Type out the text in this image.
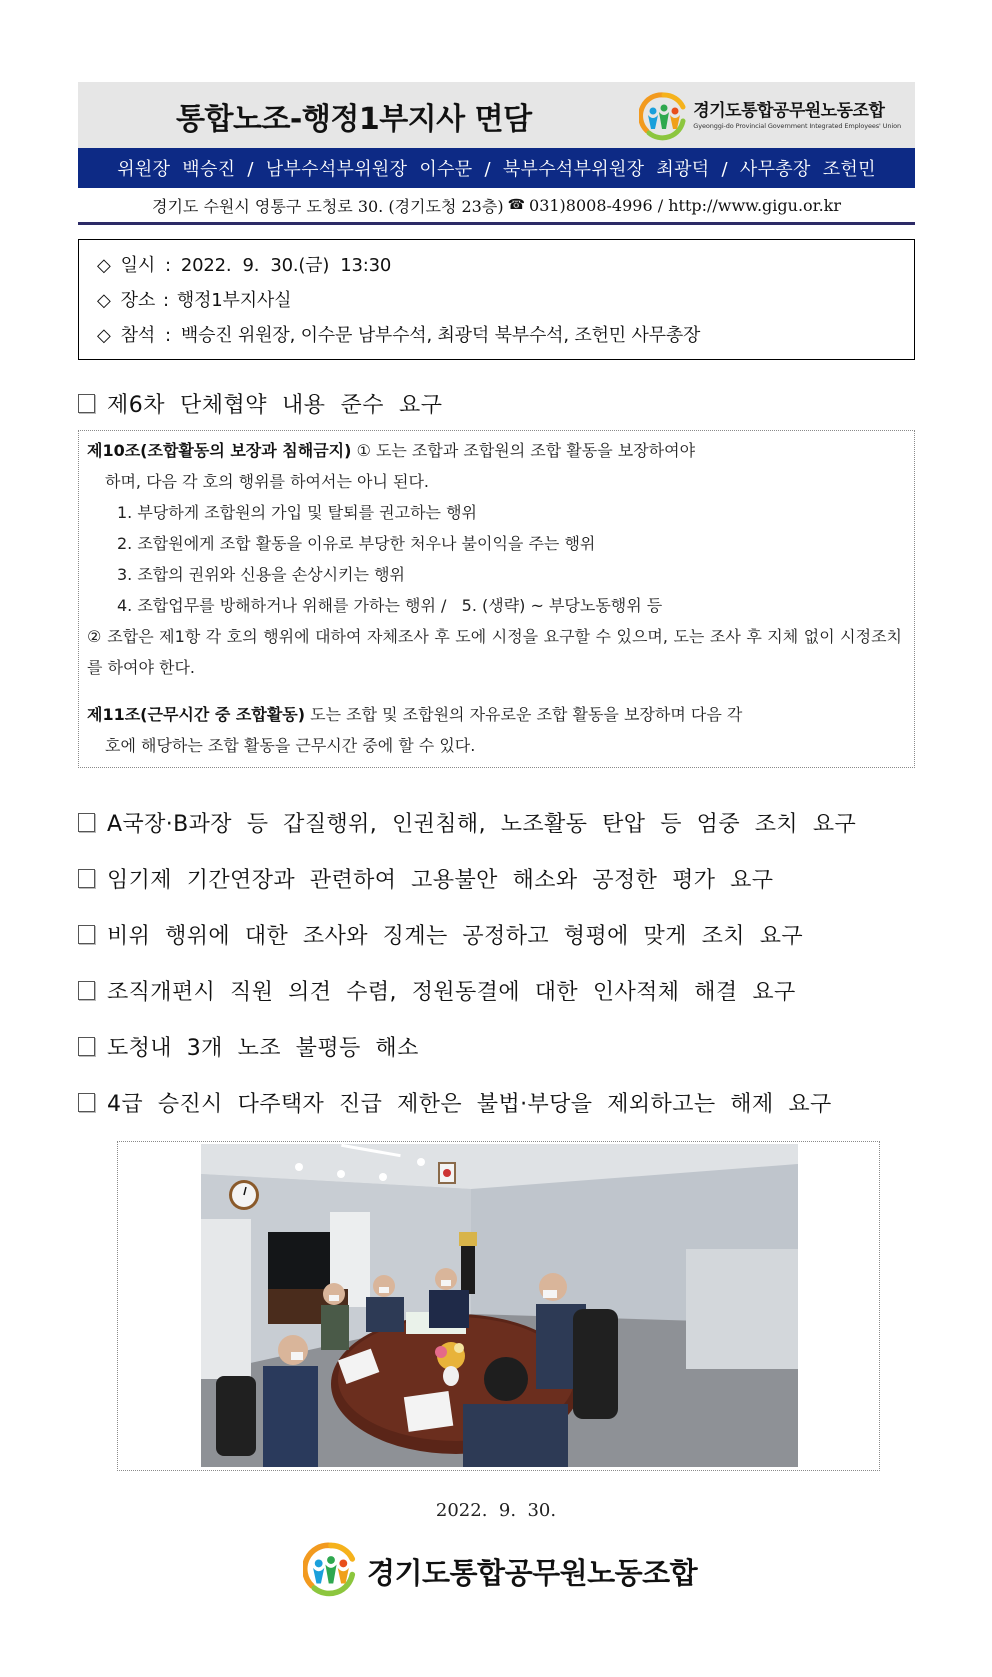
통합노조-행정1부지사 면담	경기도통합공무원노동조합
Gyeonggi-do Provincial Government Integrated Employees' Union
위원장  백승진  /  남부수석부위원장  이수문  /  북부수석부위원장  최광덕  /  사무총장  조헌민
경기도 수원시 영통구 도청로 30. (경기도청 23층) ☎ 031)8008-4996 / http://www.gigu.or.kr
◇ 일시 : 2022.  9.  30.(금)  13:30
◇ 장소 : 행정1부지사실
◇ 참석 : 백승진 위원장, 이수문 남부수석, 최광덕 북부수석, 조헌민 사무총장
제6차  단체협약  내용  준수  요구
제10조(조합활동의 보장과 침해금지) ① 도는 조합과 조합원의 조합 활동을 보장하여야
하며, 다음 각 호의 행위를 하여서는 아니 된다.
1. 부당하게 조합원의 가입 및 탈퇴를 권고하는 행위
2. 조합원에게 조합 활동을 이유로 부당한 처우나 불이익을 주는 행위
3. 조합의 권위와 신용을 손상시키는 행위
4. 조합업무를 방해하거나 위해를 가하는 행위 /   5. (생략) ~ 부당노동행위 등
② 조합은 제1항 각 호의 행위에 대하여 자체조사 후 도에 시정을 요구할 수 있으며, 도는 조사 후 지체 없이 시정조치를 하여야 한다.
제11조(근무시간 중 조합활동) 도는 조합 및 조합원의 자유로운 조합 활동을 보장하며 다음 각
호에 해당하는 조합 활동을 근무시간 중에 할 수 있다.
A국장·B과장  등  갑질행위,  인권침해,  노조활동  탄압  등  엄중  조치  요구
임기제  기간연장과  관련하여  고용불안  해소와  공정한  평가  요구
비위  행위에  대한  조사와  징계는  공정하고  형평에  맞게  조치  요구
조직개편시  직원  의견  수렴,  정원동결에  대한  인사적체  해결  요구
도청내  3개  노조  불평등  해소
4급  승진시  다주택자  진급  제한은  불법·부당을  제외하고는  해제  요구
2022.  9.  30.
경기도통합공무원노동조합
